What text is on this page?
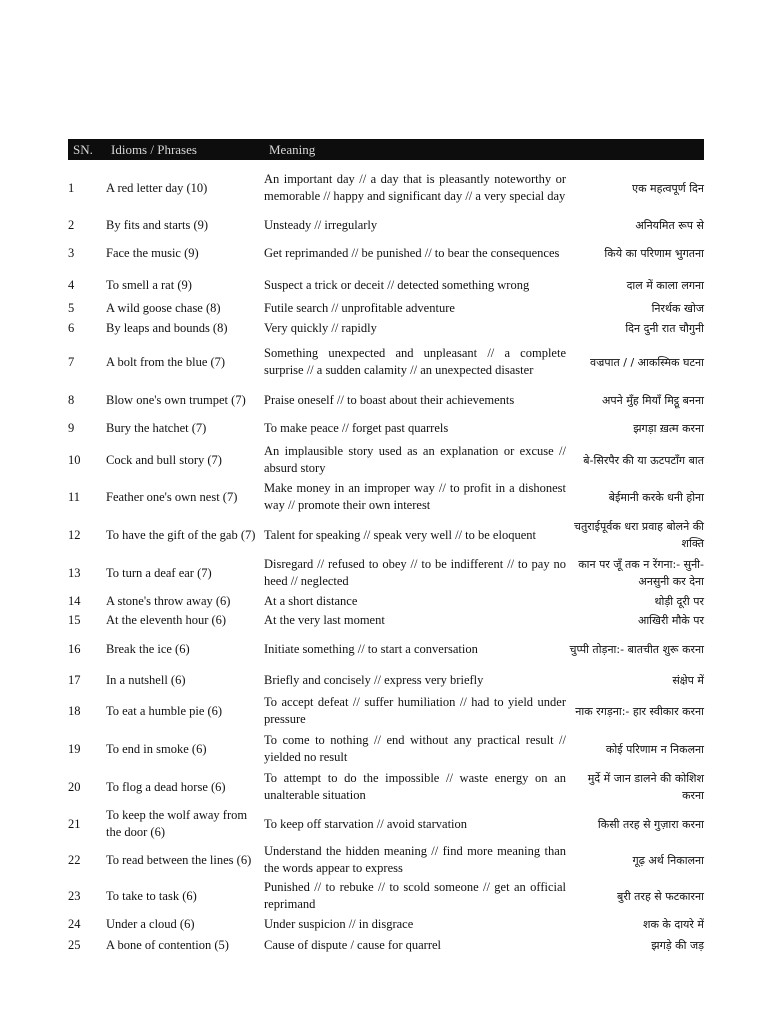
SN.	Idioms / Phrases	Meaning	
1	A red letter day (10)	An important day // a day that is pleasantly noteworthy or memorable // happy and significant day // a very special day	एक महत्वपूर्ण दिन
2	By fits and starts (9)	Unsteady // irregularly	अनियमित रूप से
3	Face the music (9)	Get reprimanded // be punished // to bear the consequences	किये का परिणाम भुगतना
4	To smell a rat (9)	Suspect a trick or deceit // detected something wrong	दाल में काला लगना
5	A wild goose chase (8)	Futile search // unprofitable adventure	निरर्थक खोज
6	By leaps and bounds (8)	Very quickly // rapidly	दिन दुनी रात चौगुनी
7	A bolt from the blue (7)	Something unexpected and unpleasant // a complete surprise // a sudden calamity // an unexpected disaster	वज्रपात / / आकस्मिक घटना
8	Blow one's own trumpet (7)	Praise oneself // to boast about their achievements	अपने मुँह मियाँ मिट्ठू बनना
9	Bury the hatchet (7)	To make peace // forget past quarrels	झगड़ा ख़त्म करना
10	Cock and bull story (7)	An implausible story used as an explanation or excuse // absurd story	बे-सिरपैर की या ऊटपटाँग बात
11	Feather one's own nest (7)	Make money in an improper way // to profit in a dishonest way // promote their own interest	बेईमानी करके धनी होना
12	To have the gift of the gab (7)	Talent for speaking // speak very well // to be eloquent	चतुराईपूर्वक धरा प्रवाह बोलने की शक्ति
13	To turn a deaf ear (7)	Disregard // refused to obey // to be indifferent // to pay no heed // neglected	कान पर जूँ तक न रेंगना:- सुनी-अनसुनी कर देना
14	A stone's throw away (6)	At a short distance	थोड़ी दूरी पर
15	At the eleventh hour (6)	At the very last moment	आखिरी मौके पर
16	Break the ice (6)	Initiate something // to start a conversation	चुप्पी तोड़ना:- बातचीत शुरू करना
17	In a nutshell (6)	Briefly and concisely // express very briefly	संक्षेप में
18	To eat a humble pie (6)	To accept defeat // suffer humiliation // had to yield under pressure	नाक रगड़ना:- हार स्वीकार करना
19	To end in smoke (6)	To come to nothing // end without any practical result // yielded no result	कोई परिणाम न निकलना
20	To flog a dead horse (6)	To attempt to do the impossible // waste energy on an unalterable situation	मुर्दे में जान डालने की कोशिश करना
21	To keep the wolf away from the door (6)	To keep off starvation // avoid starvation	किसी तरह से गुज़ारा करना
22	To read between the lines (6)	Understand the hidden meaning // find more meaning than the words appear to express	गूढ़ अर्थ निकालना
23	To take to task (6)	Punished // to rebuke // to scold someone // get an official reprimand	बुरी तरह से फटकारना
24	Under a cloud (6)	Under suspicion // in disgrace	शक के दायरे में
25	A bone of contention (5)	Cause of dispute / cause for quarrel	झगड़े की जड़
